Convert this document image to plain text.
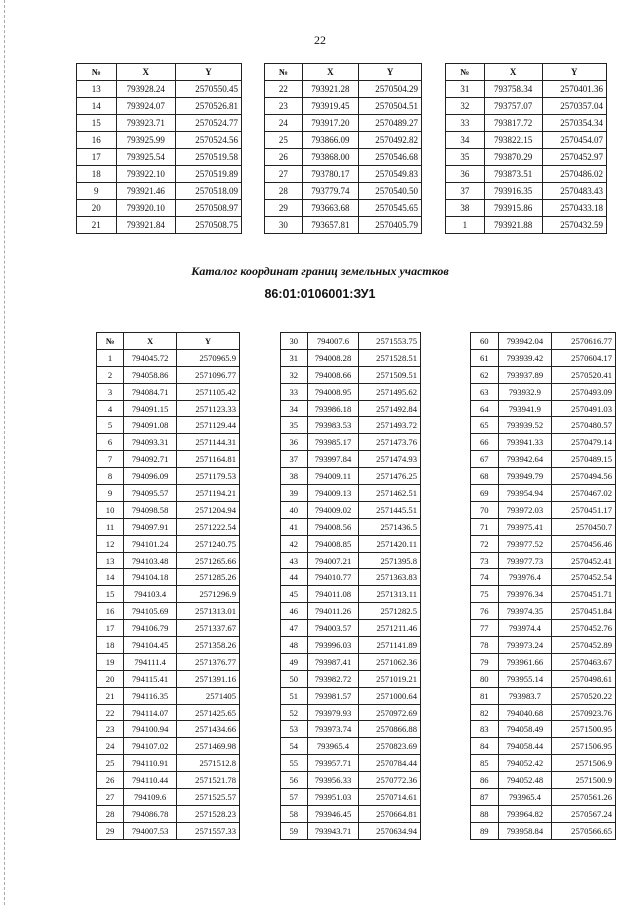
22
№	X	Y
13	793928.24	2570550.45
14	793924.07	2570526.81
15	793923.71	2570524.77
16	793925.99	2570524.56
17	793925.54	2570519.58
18	793922.10	2570519.89
9	793921.46	2570518.09
20	793920.10	2570508.97
21	793921.84	2570508.75
№	X	Y
22	793921.28	2570504.29
23	793919.45	2570504.51
24	793917.20	2570489.27
25	793866.09	2570492.82
26	793868.00	2570546.68
27	793780.17	2570549.83
28	793779.74	2570540.50
29	793663.68	2570545.65
30	793657.81	2570405.79
№	X	Y
31	793758.34	2570401.36
32	793757.07	2570357.04
33	793817.72	2570354.34
34	793822.15	2570454.07
35	793870.29	2570452.97
36	793873.51	2570486.02
37	793916.35	2570483.43
38	793915.86	2570433.18
1	793921.88	2570432.59
Каталог координат границ земельных участков
86:01:0106001:ЗУ1
№	X	Y
1	794045.72	2570965.9
2	794058.86	2571096.77
3	794084.71	2571105.42
4	794091.15	2571123.33
5	794091.08	2571129.44
6	794093.31	2571144.31
7	794092.71	2571164.81
8	794096.09	2571179.53
9	794095.57	2571194.21
10	794098.58	2571204.94
11	794097.91	2571222.54
12	794101.24	2571240.75
13	794103.48	2571265.66
14	794104.18	2571285.26
15	794103.4	2571296.9
16	794105.69	2571313.01
17	794106.79	2571337.67
18	794104.45	2571358.26
19	794111.4	2571376.77
20	794115.41	2571391.16
21	794116.35	2571405
22	794114.07	2571425.65
23	794100.94	2571434.66
24	794107.02	2571469.98
25	794110.91	2571512.8
26	794110.44	2571521.78
27	794109.6	2571525.57
28	794086.78	2571528.23
29	794007.53	2571557.33
30	794007.6	2571553.75
31	794008.28	2571528.51
32	794008.66	2571509.51
33	794008.95	2571495.62
34	793986.18	2571492.84
35	793983.53	2571493.72
36	793985.17	2571473.76
37	793997.84	2571474.93
38	794009.11	2571476.25
39	794009.13	2571462.51
40	794009.02	2571445.51
41	794008.56	2571436.5
42	794008.85	2571420.11
43	794007.21	2571395.8
44	794010.77	2571363.83
45	794011.08	2571313.11
46	794011.26	2571282.5
47	794003.57	2571211.46
48	793996.03	2571141.89
49	793987.41	2571062.36
50	793982.72	2571019.21
51	793981.57	2571000.64
52	793979.93	2570972.69
53	793973.74	2570866.88
54	793965.4	2570823.69
55	793957.71	2570784.44
56	793956.33	2570772.36
57	793951.03	2570714.61
58	793946.45	2570664.81
59	793943.71	2570634.94
60	793942.04	2570616.77
61	793939.42	2570604.17
62	793937.89	2570520.41
63	793932.9	2570493.09
64	793941.9	2570491.03
65	793939.52	2570480.57
66	793941.33	2570479.14
67	793942.64	2570489.15
68	793949.79	2570494.56
69	793954.94	2570467.02
70	793972.03	2570451.17
71	793975.41	2570450.7
72	793977.52	2570456.46
73	793977.73	2570452.41
74	793976.4	2570452.54
75	793976.34	2570451.71
76	793974.35	2570451.84
77	793974.4	2570452.76
78	793973.24	2570452.89
79	793961.66	2570463.67
80	793955.14	2570498.61
81	793983.7	2570520.22
82	794040.68	2570923.76
83	794058.49	2571500.95
84	794058.44	2571506.95
85	794052.42	2571506.9
86	794052.48	2571500.9
87	793965.4	2570561.26
88	793964.82	2570567.24
89	793958.84	2570566.65
